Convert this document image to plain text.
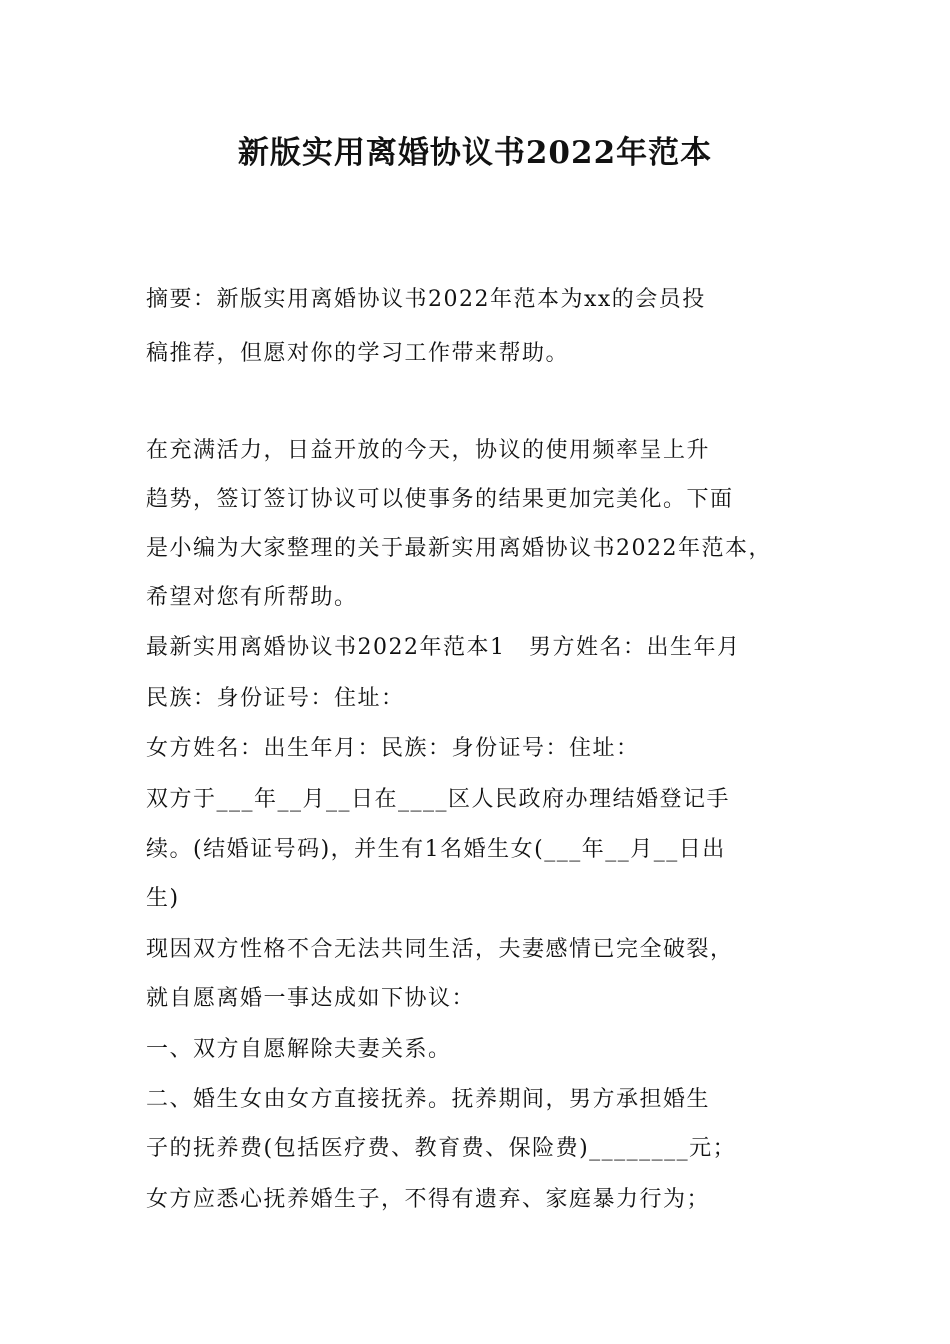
新版实用离婚协议书2022年范本
摘要：新版实用离婚协议书2022年范本为xx的会员投
稿推荐，但愿对你的学习工作带来帮助。
在充满活力，日益开放的今天，协议的使用频率呈上升
趋势，签订签订协议可以使事务的结果更加完美化。下面
是小编为大家整理的关于最新实用离婚协议书2022年范本，
希望对您有所帮助。
最新实用离婚协议书2022年范本1　男方姓名：出生年月
民族：身份证号：住址：
女方姓名：出生年月：民族：身份证号：住址：
双方于___年__月__日在____区人民政府办理结婚登记手
续。(结婚证号码)，并生有1名婚生女(___年__月__日出
生)
现因双方性格不合无法共同生活，夫妻感情已完全破裂，
就自愿离婚一事达成如下协议：
一、双方自愿解除夫妻关系。
二、婚生女由女方直接抚养。抚养期间，男方承担婚生
子的抚养费(包括医疗费、教育费、保险费)________元；
女方应悉心抚养婚生子，不得有遗弃、家庭暴力行为；
